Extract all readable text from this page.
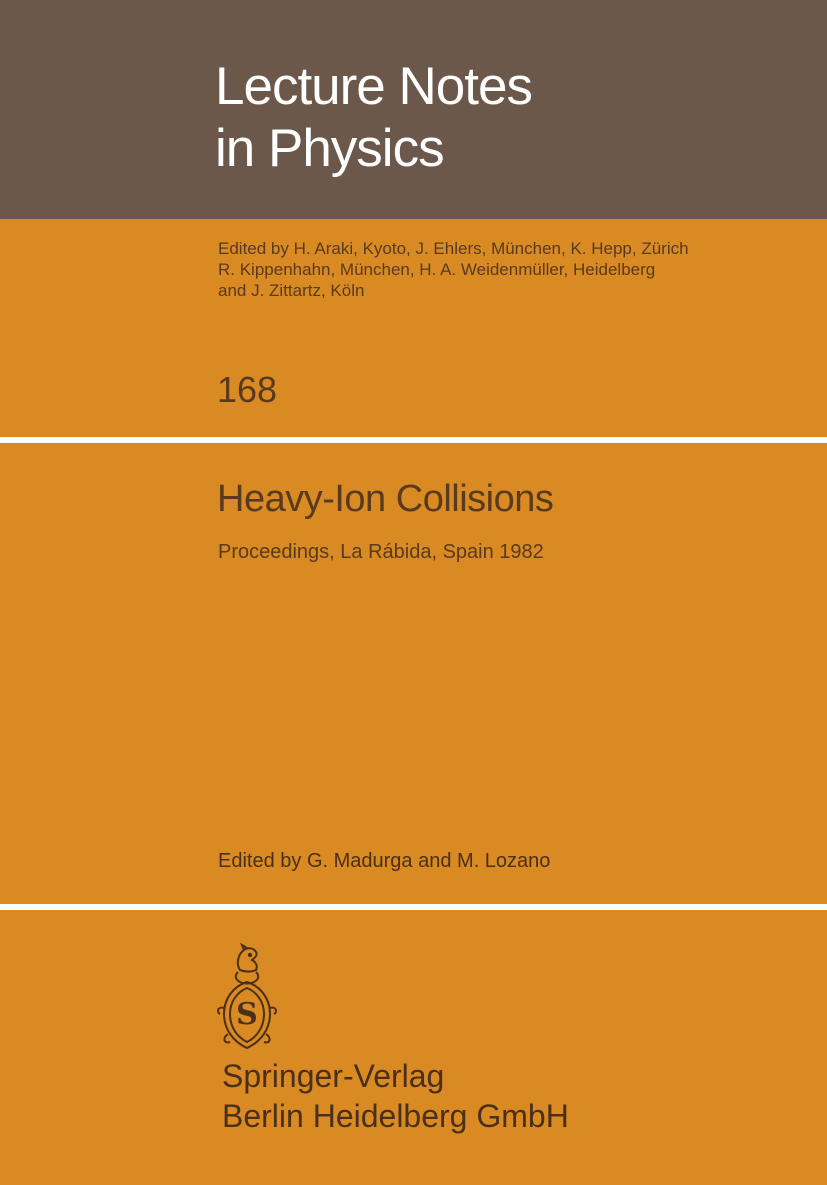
Lecture Notes
in Physics
Edited by H. Araki, Kyoto, J. Ehlers, München, K. Hepp, Zürich
R. Kippenhahn, München, H. A. Weidenmüller, Heidelberg
and J. Zittartz, Köln
168
Heavy-Ion Collisions
Proceedings, La Rábida, Spain 1982
Edited by G. Madurga and M. Lozano
S
Springer-Verlag
Berlin Heidelberg GmbH
